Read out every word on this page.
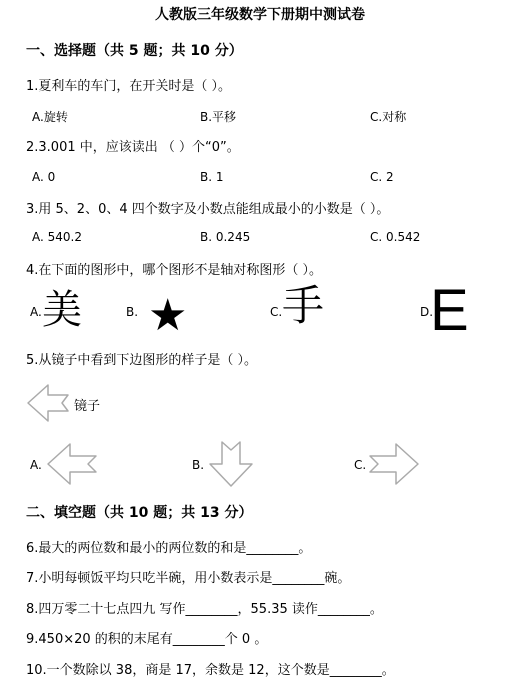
人教版三年级数学下册期中测试卷
一、选择题（共 5 题；共 10 分）
1.夏利车的车门，在开关时是（ ）。
A.旋转	B.平移	C.对称
2.3.001 中，应该读出 （ ）个“0”。
A. 0	B. 1	C. 2
3.用 5、2、0、4 四个数字及小数点能组成最小的小数是（ ）。
A. 540.2	B. 0.245	C. 0.542
4.在下面的图形中，哪个图形不是轴对称图形（ ）。
A. 美	B. ★	C. 手	D.
E
5.从镜子中看到下边图形的样子是（ ）。
镜子
A.	B.	C.
二、填空题（共 10 题；共 13 分）
6.最大的两位数和最小的两位数的和是________。
7.小明每顿饭平均只吃半碗，用小数表示是________碗。
8.四万零二十七点四九 写作________，55.35 读作________。
9.450×20 的积的末尾有________个 0 。
10.一个数除以 38，商是 17，余数是 12，这个数是________。
